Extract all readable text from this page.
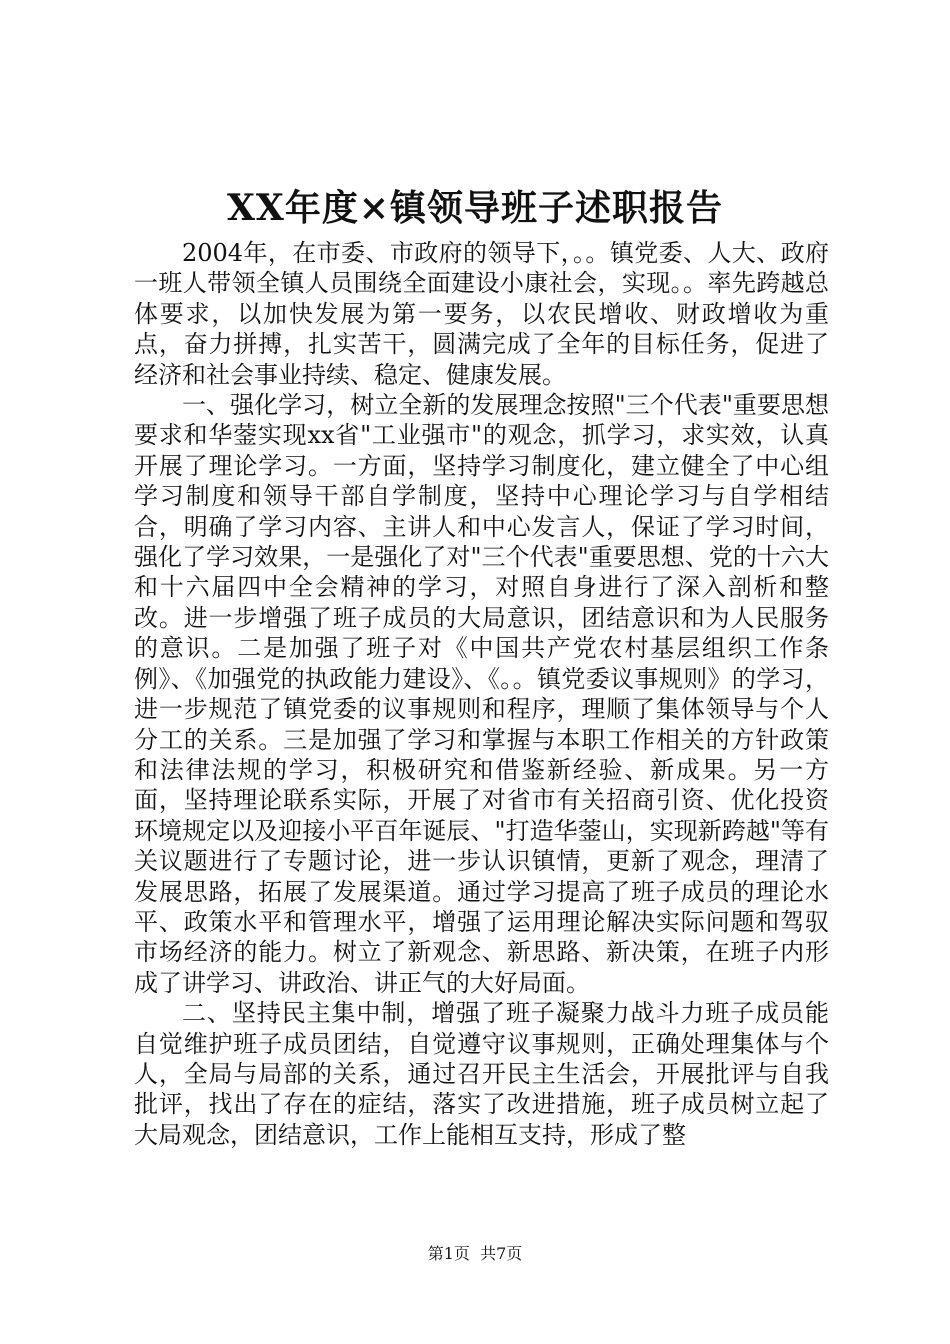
XX年度×镇领导班子述职报告

2004年，在市委、市政府的领导下，。。镇党委、人大、政府一班人带领全镇人员围绕全面建设小康社会，实现。。率先跨越总体要求，以加快发展为第一要务，以农民增收、财政增收为重点，奋力拼搏，扎实苦干，圆满完成了全年的目标任务，促进了经济和社会事业持续、稳定、健康发展。

一、强化学习，树立全新的发展理念按照"三个代表"重要思想要求和华蓥实现xx省"工业强市"的观念，抓学习，求实效，认真开展了理论学习。一方面，坚持学习制度化，建立健全了中心组学习制度和领导干部自学制度，坚持中心理论学习与自学相结合，明确了学习内容、主讲人和中心发言人，保证了学习时间，强化了学习效果，一是强化了对"三个代表"重要思想、党的十六大和十六届四中全会精神的学习，对照自身进行了深入剖析和整改。进一步增强了班子成员的大局意识，团结意识和为人民服务的意识。二是加强了班子对《中国共产党农村基层组织工作条例》、《加强党的执政能力建设》、《。。镇党委议事规则》的学习，进一步规范了镇党委的议事规则和程序，理顺了集体领导与个人分工的关系。三是加强了学习和掌握与本职工作相关的方针政策和法律法规的学习，积极研究和借鉴新经验、新成果。另一方面，坚持理论联系实际，开展了对省市有关招商引资、优化投资环境规定以及迎接小平百年诞辰、"打造华蓥山，实现新跨越"等有关议题进行了专题讨论，进一步认识镇情，更新了观念，理清了发展思路，拓展了发展渠道。通过学习提高了班子成员的理论水平、政策水平和管理水平，增强了运用理论解决实际问题和驾驭市场经济的能力。树立了新观念、新思路、新决策，在班子内形成了讲学习、讲政治、讲正气的大好局面。

二、坚持民主集中制，增强了班子凝聚力战斗力班子成员能自觉维护班子成员团结，自觉遵守议事规则，正确处理集体与个人，全局与局部的关系，通过召开民主生活会，开展批评与自我批评，找出了存在的症结，落实了改进措施，班子成员树立起了大局观念，团结意识，工作上能相互支持，形成了整

第1页 共7页
